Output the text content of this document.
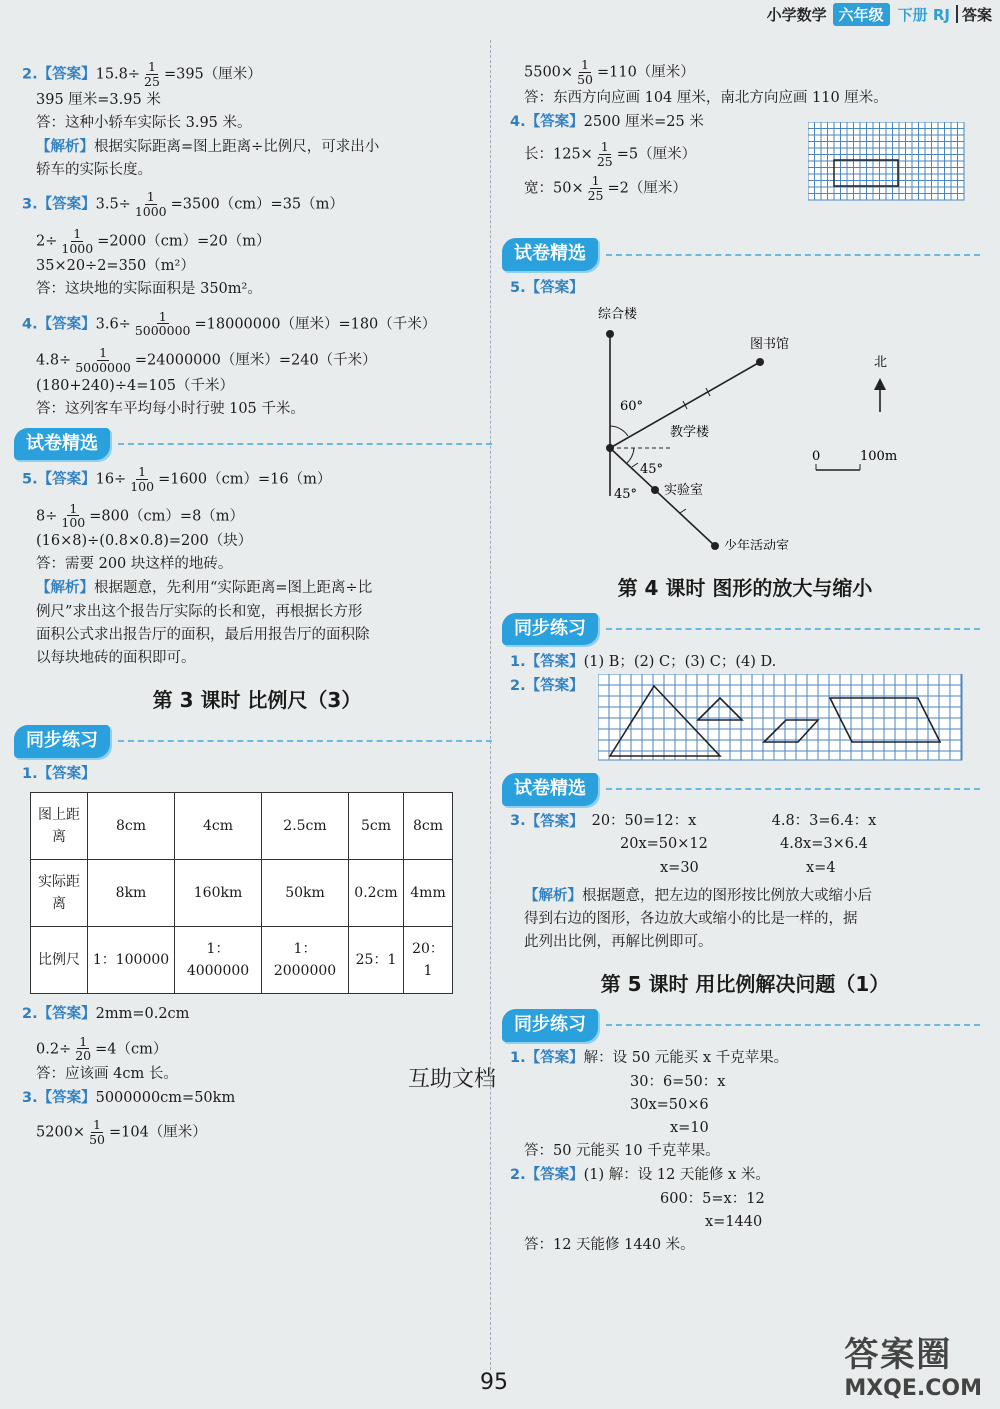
小学数学 六年级 下册 RJ 答案

2.【答案】$15.8\div \frac{1}{25} =395$（厘米）

395 厘米=3.95 米

答：这种小轿车实际长 3.95 米。

【解析】根据实际距离=图上距离÷比例尺，可求出小

轿车的实际长度。

3.【答案】$3.5\div \frac{1}{1000} =3500(cm)=35(m)$

$2\div \frac{1}{1000} =2000(cm)=20(m)$

35×20÷2=350（m²）

答：这块地的实际面积是 350m²。

4.【答案】$3.6\div \frac{1}{5000000} =18000000$（厘米）=180（千米）

$4.8\div \frac{1}{5000000} =24000000$（厘米）=240（千米）

(180+240)÷4=105（千米）

答：这列客车平均每小时行驶 105 千米。

试卷精选

5.【答案】$16\div \frac{1}{100} =1600(cm)=16(m)$

$8\div \frac{1}{100} =800(cm)=8(m)$

(16×8)÷(0.8×0.8)=200（块）

答：需要 200 块这样的地砖。

【解析】根据题意，先利用“实际距离=图上距离÷比

例尺”求出这个报告厅实际的长和宽，再根据长方形

面积公式求出报告厅的面积，最后用报告厅的面积除

以每块地砖的面积即可。

第 3 课时 比例尺（3）
同步练习

1.【答案】

图上距离	8cm	4cm	2.5cm	5cm	8cm
实际距离	8km	160km	50km	0.2cm	4mm
比例尺	1：100000	1：4000000	1：2000000	25：1	20：1

2.【答案】2mm=0.2cm

$0.2\div \frac{1}{20} =4(cm)$

答：应该画 4cm 长。

3.【答案】5000000cm=50km

$5200\times \frac{1}{50} =104$（厘米）

$5500\times \frac{1}{50} =110$（厘米）

答：东西方向应画 104 厘米，南北方向应画 110 厘米。

4.【答案】2500 厘米=25 米

长：$125\times \frac{1}{25} =5$（厘米）

宽：$50\times \frac{1}{25} =2$（厘米）

试卷精选

5.【答案】

综合楼
图书馆
60°
45°
45°
教学楼
实验室
少年活动室
北
0	100m
第 4 课时 图形的放大与缩小
同步练习

1.【答案】(1) B；(2) C；(3) C；(4) D.

2.【答案】

试卷精选
3. 【答案】 20：50=12：x	4.8：3=6.4：x
20x=50×12	4.8x=3×6.4
x=30	x=4

【解析】根据题意，把左边的图形按比例放大或缩小后

得到右边的图形，各边放大或缩小的比是一样的，据

此列出比例，再解比例即可。

第 5 课时 用比例解决问题（1）
同步练习

1.【答案】解：设 50 元能买 x 千克苹果。

30：6=50：x

30x=50×6

x=10

答：50 元能买 10 千克苹果。

2.【答案】(1) 解：设 12 天能修 x 米。

600：5=x：12

x=1440

答：12 天能修 1440 米。

互助文档
95
答案圈
MXQE.COM
